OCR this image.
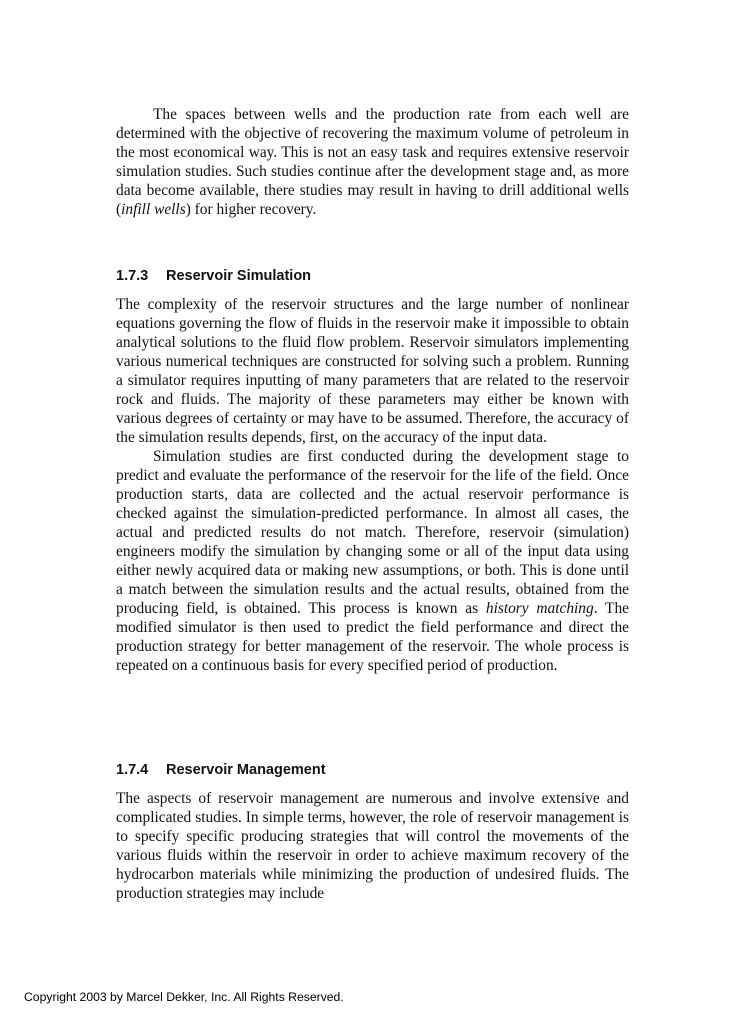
The spaces between wells and the production rate from each well are determined with the objective of recovering the maximum volume of petroleum in the most economical way. This is not an easy task and requires extensive reservoir simulation studies. Such studies continue after the development stage and, as more data become available, there studies may result in having to drill additional wells (infill wells) for higher recovery.

1.7.3 Reservoir Simulation

The complexity of the reservoir structures and the large number of nonlinear equations governing the flow of fluids in the reservoir make it impossible to obtain analytical solutions to the fluid flow problem. Reservoir simulators implementing various numerical techniques are constructed for solving such a problem. Running a simulator requires inputting of many parameters that are related to the reservoir rock and fluids. The majority of these parameters may either be known with various degrees of certainty or may have to be assumed. Therefore, the accuracy of the simulation results depends, first, on the accuracy of the input data.

Simulation studies are first conducted during the development stage to predict and evaluate the performance of the reservoir for the life of the field. Once production starts, data are collected and the actual reservoir performance is checked against the simulation-predicted performance. In almost all cases, the actual and predicted results do not match. Therefore, reservoir (simulation) engineers modify the simulation by changing some or all of the input data using either newly acquired data or making new assumptions, or both. This is done until a match between the simulation results and the actual results, obtained from the producing field, is obtained. This process is known as history matching. The modified simulator is then used to predict the field performance and direct the production strategy for better management of the reservoir. The whole process is repeated on a continuous basis for every specified period of production.

1.7.4 Reservoir Management

The aspects of reservoir management are numerous and involve extensive and complicated studies. In simple terms, however, the role of reservoir management is to specify specific producing strategies that will control the movements of the various fluids within the reservoir in order to achieve maximum recovery of the hydrocarbon materials while minimizing the production of undesired fluids. The production strategies may include

Copyright 2003 by Marcel Dekker, Inc. All Rights Reserved.
